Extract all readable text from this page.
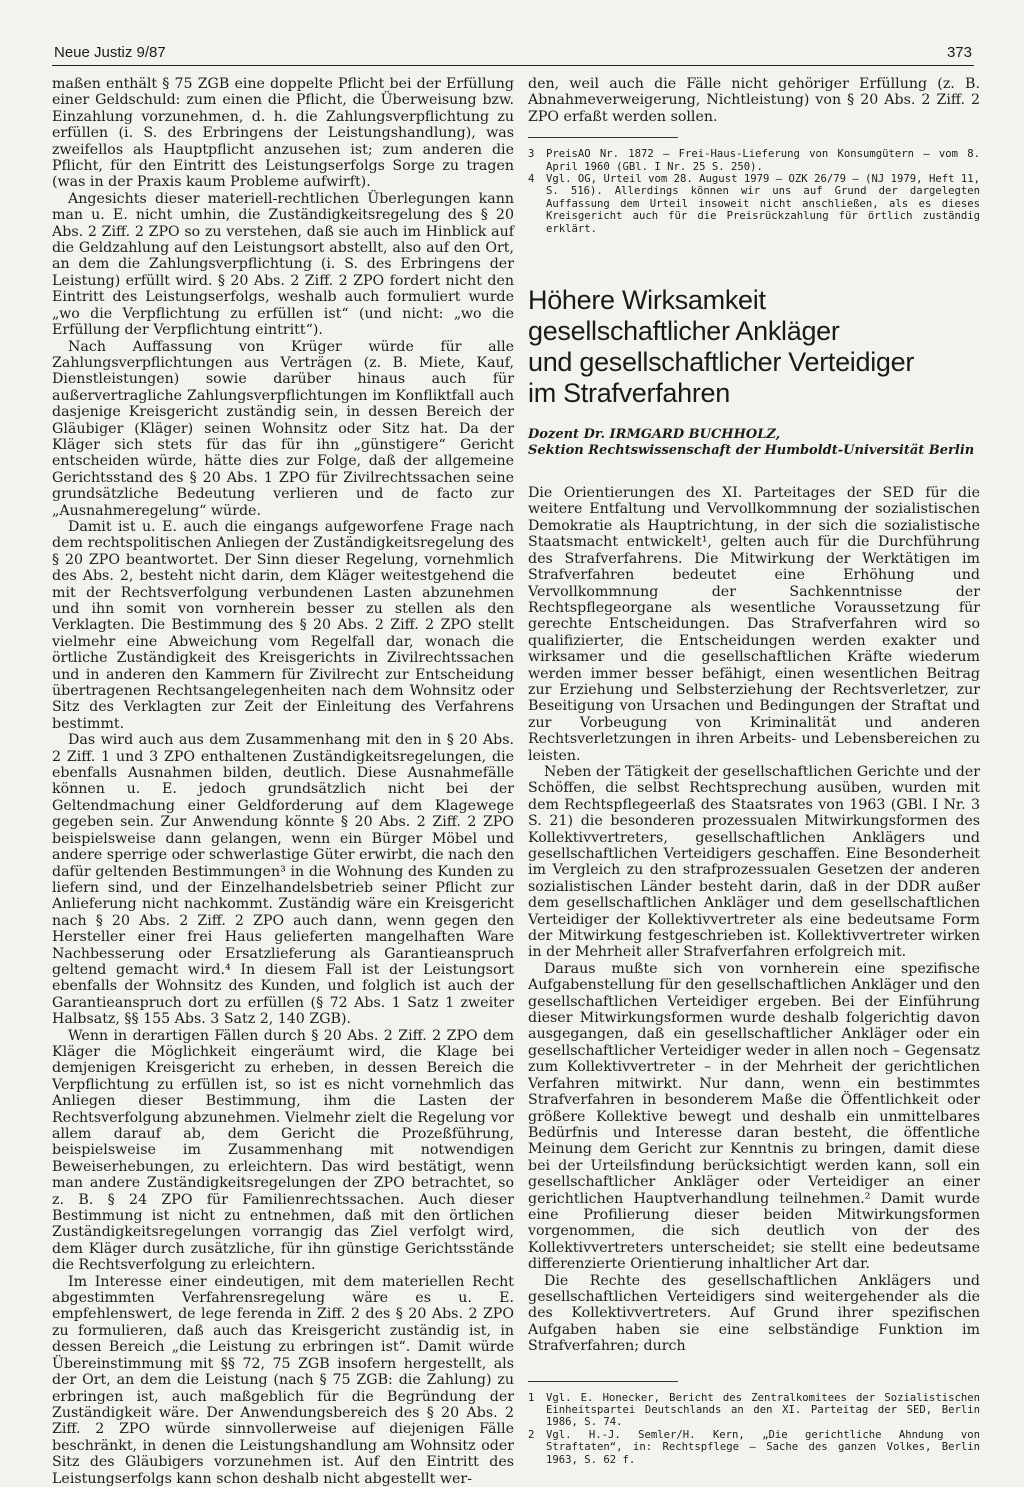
Neue Justiz 9/87	373

maßen enthält § 75 ZGB eine doppelte Pflicht bei der Erfüllung einer Geldschuld: zum einen die Pflicht, die Überweisung bzw. Einzahlung vorzunehmen, d. h. die Zahlungsverpflichtung zu erfüllen (i. S. des Erbringens der Leistungshandlung), was zweifellos als Hauptpflicht anzusehen ist; zum anderen die Pflicht, für den Eintritt des Leistungserfolgs Sorge zu tragen (was in der Praxis kaum Probleme aufwirft).

Angesichts dieser materiell-rechtlichen Überlegungen kann man u. E. nicht umhin, die Zuständigkeitsregelung des § 20 Abs. 2 Ziff. 2 ZPO so zu verstehen, daß sie auch im Hinblick auf die Geldzahlung auf den Leistungsort abstellt, also auf den Ort, an dem die Zahlungsverpflichtung (i. S. des Erbringens der Leistung) erfüllt wird. § 20 Abs. 2 Ziff. 2 ZPO fordert nicht den Eintritt des Leistungserfolgs, weshalb auch formuliert wurde „wo die Verpflichtung zu erfüllen ist“ (und nicht: „wo die Erfüllung der Verpflichtung eintritt“).

Nach Auffassung von Krüger würde für alle Zahlungsverpflichtungen aus Verträgen (z. B. Miete, Kauf, Dienstleistungen) sowie darüber hinaus auch für außervertragliche Zahlungsverpflichtungen im Konfliktfall auch dasjenige Kreisgericht zuständig sein, in dessen Bereich der Gläubiger (Kläger) seinen Wohnsitz oder Sitz hat. Da der Kläger sich stets für das für ihn „günstigere“ Gericht entscheiden würde, hätte dies zur Folge, daß der allgemeine Gerichtsstand des § 20 Abs. 1 ZPO für Zivilrechtssachen seine grundsätzliche Bedeutung verlieren und de facto zur „Ausnahmeregelung“ würde.

Damit ist u. E. auch die eingangs aufgeworfene Frage nach dem rechtspolitischen Anliegen der Zuständigkeitsregelung des § 20 ZPO beantwortet. Der Sinn dieser Regelung, vornehmlich des Abs. 2, besteht nicht darin, dem Kläger weitestgehend die mit der Rechtsverfolgung verbundenen Lasten abzunehmen und ihn somit von vornherein besser zu stellen als den Verklagten. Die Bestimmung des § 20 Abs. 2 Ziff. 2 ZPO stellt vielmehr eine Abweichung vom Regelfall dar, wonach die örtliche Zuständigkeit des Kreisgerichts in Zivilrechtssachen und in anderen den Kammern für Zivilrecht zur Entscheidung übertragenen Rechtsangelegenheiten nach dem Wohnsitz oder Sitz des Verklagten zur Zeit der Einleitung des Verfahrens bestimmt.

Das wird auch aus dem Zusammenhang mit den in § 20 Abs. 2 Ziff. 1 und 3 ZPO enthaltenen Zuständigkeitsregelungen, die ebenfalls Ausnahmen bilden, deutlich. Diese Ausnahmefälle können u. E. jedoch grundsätzlich nicht bei der Geltendmachung einer Geldforderung auf dem Klagewege gegeben sein. Zur Anwendung könnte § 20 Abs. 2 Ziff. 2 ZPO beispielsweise dann gelangen, wenn ein Bürger Möbel und andere sperrige oder schwerlastige Güter erwirbt, die nach den dafür geltenden Bestimmungen³ in die Wohnung des Kunden zu liefern sind, und der Einzelhandelsbetrieb seiner Pflicht zur Anlieferung nicht nachkommt. Zuständig wäre ein Kreisgericht nach § 20 Abs. 2 Ziff. 2 ZPO auch dann, wenn gegen den Hersteller einer frei Haus gelieferten mangelhaften Ware Nachbesserung oder Ersatzlieferung als Garantieanspruch geltend gemacht wird.⁴ In diesem Fall ist der Leistungsort ebenfalls der Wohnsitz des Kunden, und folglich ist auch der Garantieanspruch dort zu erfüllen (§ 72 Abs. 1 Satz 1 zweiter Halbsatz, §§ 155 Abs. 3 Satz 2, 140 ZGB).

Wenn in derartigen Fällen durch § 20 Abs. 2 Ziff. 2 ZPO dem Kläger die Möglichkeit eingeräumt wird, die Klage bei demjenigen Kreisgericht zu erheben, in dessen Bereich die Verpflichtung zu erfüllen ist, so ist es nicht vornehmlich das Anliegen dieser Bestimmung, ihm die Lasten der Rechtsverfolgung abzunehmen. Vielmehr zielt die Regelung vor allem darauf ab, dem Gericht die Prozeßführung, beispielsweise im Zusammenhang mit notwendigen Beweiserhebungen, zu erleichtern. Das wird bestätigt, wenn man andere Zuständigkeitsregelungen der ZPO betrachtet, so z. B. § 24 ZPO für Familienrechtssachen. Auch dieser Bestimmung ist nicht zu entnehmen, daß mit den örtlichen Zuständigkeitsregelungen vorrangig das Ziel verfolgt wird, dem Kläger durch zusätzliche, für ihn günstige Gerichtsstände die Rechtsverfolgung zu erleichtern.

Im Interesse einer eindeutigen, mit dem materiellen Recht abgestimmten Verfahrensregelung wäre es u. E. empfehlenswert, de lege ferenda in Ziff. 2 des § 20 Abs. 2 ZPO zu formulieren, daß auch das Kreisgericht zuständig ist, in dessen Bereich „die Leistung zu erbringen ist“. Damit würde Übereinstimmung mit §§ 72, 75 ZGB insofern hergestellt, als der Ort, an dem die Leistung (nach § 75 ZGB: die Zahlung) zu erbringen ist, auch maßgeblich für die Begründung der Zuständigkeit wäre. Der Anwendungsbereich des § 20 Abs. 2 Ziff. 2 ZPO würde sinnvollerweise auf diejenigen Fälle beschränkt, in denen die Leistungshandlung am Wohnsitz oder Sitz des Gläubigers vorzunehmen ist. Auf den Eintritt des Leistungserfolgs kann schon deshalb nicht abgestellt wer-

den, weil auch die Fälle nicht gehöriger Erfüllung (z. B. Abnahmeverweigerung, Nichtleistung) von § 20 Abs. 2 Ziff. 2 ZPO erfaßt werden sollen.

3	PreisAO Nr. 1872 – Frei-Haus-Lieferung von Konsumgütern – vom 8. April 1960 (GBl. I Nr. 25 S. 250).
4	Vgl. OG, Urteil vom 28. August 1979 – OZK 26/79 – (NJ 1979, Heft 11, S. 516). Allerdings können wir uns auf Grund der dargelegten Auffassung dem Urteil insoweit nicht anschließen, als es dieses Kreisgericht auch für die Preisrückzahlung für örtlich zuständig erklärt.
Höhere Wirksamkeit
gesellschaftlicher Ankläger
und gesellschaftlicher Verteidiger
im Strafverfahren
Dozent Dr. IRMGARD BUCHHOLZ,
Sektion Rechtswissenschaft der Humboldt-Universität Berlin

Die Orientierungen des XI. Parteitages der SED für die weitere Entfaltung und Vervollkommnung der sozialistischen Demokratie als Hauptrichtung, in der sich die sozialistische Staatsmacht entwickelt¹, gelten auch für die Durchführung des Strafverfahrens. Die Mitwirkung der Werktätigen im Strafverfahren bedeutet eine Erhöhung und Vervollkommnung der Sachkenntnisse der Rechtspflegeorgane als wesentliche Voraussetzung für gerechte Entscheidungen. Das Strafverfahren wird so qualifizierter, die Entscheidungen werden exakter und wirksamer und die gesellschaftlichen Kräfte wiederum werden immer besser befähigt, einen wesentlichen Beitrag zur Erziehung und Selbsterziehung der Rechtsverletzer, zur Beseitigung von Ursachen und Bedingungen der Straftat und zur Vorbeugung von Kriminalität und anderen Rechtsverletzungen in ihren Arbeits- und Lebensbereichen zu leisten.

Neben der Tätigkeit der gesellschaftlichen Gerichte und der Schöffen, die selbst Rechtsprechung ausüben, wurden mit dem Rechtspflegeerlaß des Staatsrates von 1963 (GBl. I Nr. 3 S. 21) die besonderen prozessualen Mitwirkungsformen des Kollektivvertreters, gesellschaftlichen Anklägers und gesellschaftlichen Verteidigers geschaffen. Eine Besonderheit im Vergleich zu den strafprozessualen Gesetzen der anderen sozialistischen Länder besteht darin, daß in der DDR außer dem gesellschaftlichen Ankläger und dem gesellschaftlichen Verteidiger der Kollektivvertreter als eine bedeutsame Form der Mitwirkung festgeschrieben ist. Kollektivvertreter wirken in der Mehrheit aller Strafverfahren erfolgreich mit.

Daraus mußte sich von vornherein eine spezifische Aufgabenstellung für den gesellschaftlichen Ankläger und den gesellschaftlichen Verteidiger ergeben. Bei der Einführung dieser Mitwirkungsformen wurde deshalb folgerichtig davon ausgegangen, daß ein gesellschaftlicher Ankläger oder ein gesellschaftlicher Verteidiger weder in allen noch – Gegensatz zum Kollektivvertreter – in der Mehrheit der gerichtlichen Verfahren mitwirkt. Nur dann, wenn ein bestimmtes Strafverfahren in besonderem Maße die Öffentlichkeit oder größere Kollektive bewegt und deshalb ein unmittelbares Bedürfnis und Interesse daran besteht, die öffentliche Meinung dem Gericht zur Kenntnis zu bringen, damit diese bei der Urteilsfindung berücksichtigt werden kann, soll ein gesellschaftlicher Ankläger oder Verteidiger an einer gerichtlichen Hauptverhandlung teilnehmen.² Damit wurde eine Profilierung dieser beiden Mitwirkungsformen vorgenommen, die sich deutlich von der des Kollektivvertreters unterscheidet; sie stellt eine bedeutsame differenzierte Orientierung inhaltlicher Art dar.

Die Rechte des gesellschaftlichen Anklägers und gesellschaftlichen Verteidigers sind weitergehender als die des Kollektivvertreters. Auf Grund ihrer spezifischen Aufgaben haben sie eine selbständige Funktion im Strafverfahren; durch

1	Vgl. E. Honecker, Bericht des Zentralkomitees der Sozialistischen Einheitspartei Deutschlands an den XI. Parteitag der SED, Berlin 1986, S. 74.
2	Vgl. H.-J. Semler/H. Kern, „Die gerichtliche Ahndung von Straftaten“, in: Rechtspflege – Sache des ganzen Volkes, Berlin 1963, S. 62 f.
